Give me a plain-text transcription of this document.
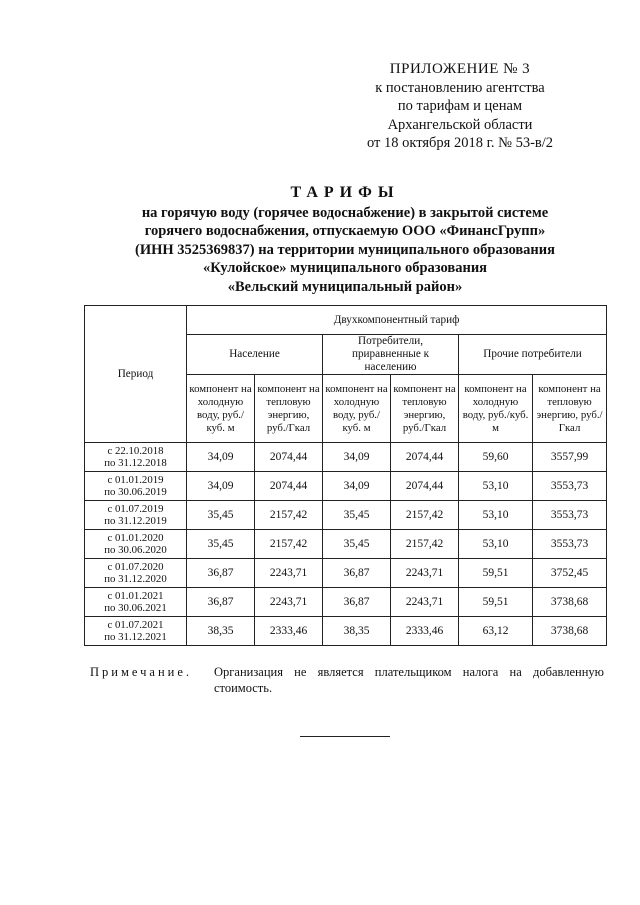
ПРИЛОЖЕНИЕ № 3
к постановлению агентства
по тарифам и ценам
Архангельской области
от 18 октября 2018 г. № 53-в/2
ТАРИФЫ
на горячую воду (горячее водоснабжение) в закрытой системе
горячего водоснабжения, отпускаемую ООО «ФинансГрупп»
(ИНН 3525369837) на территории муниципального образования
«Кулойское» муниципального образования
«Вельский муниципальный район»
Период	Двухкомпонентный тариф					
	Население		Потребители, приравненные к населению		Прочие потребители	
	компонент на холодную воду, руб./куб. м	компонент на тепловую энергию, руб./Гкал	компонент на холодную воду, руб./куб. м	компонент на тепловую энергию, руб./Гкал	компонент на холодную воду, руб./куб. м	компонент на тепловую энергию, руб./Гкал

с 22.10.2018
по 31.12.2018	34,09	2074,44	34,09	2074,44	59,60	3557,99

с 01.01.2019
по 30.06.2019	34,09	2074,44	34,09	2074,44	53,10	3553,73

с 01.07.2019
по 31.12.2019	35,45	2157,42	35,45	2157,42	53,10	3553,73

с 01.01.2020
по 30.06.2020	35,45	2157,42	35,45	2157,42	53,10	3553,73

с 01.07.2020
по 31.12.2020	36,87	2243,71	36,87	2243,71	59,51	3752,45

с 01.01.2021
по 30.06.2021	36,87	2243,71	36,87	2243,71	59,51	3738,68

с 01.07.2021
по 31.12.2021	38,35	2333,46	38,35	2333,46	63,12	3738,68
Примечание. Организация не является плательщиком налога на добавленную стоимость.
